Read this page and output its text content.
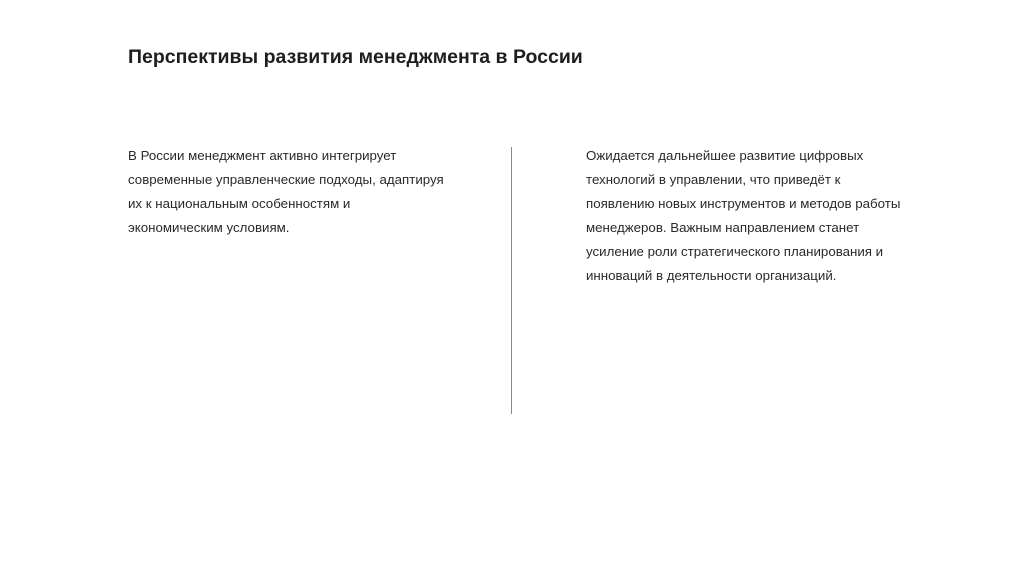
Перспективы развития менеджмента в России

В России менеджмент активно интегрирует

современные управленческие подходы, адаптируя

их к национальным особенностям и

экономическим условиям.

Ожидается дальнейшее развитие цифровых

технологий в управлении, что приведёт к

появлению новых инструментов и методов работы

менеджеров. Важным направлением станет

усиление роли стратегического планирования и

инноваций в деятельности организаций.
